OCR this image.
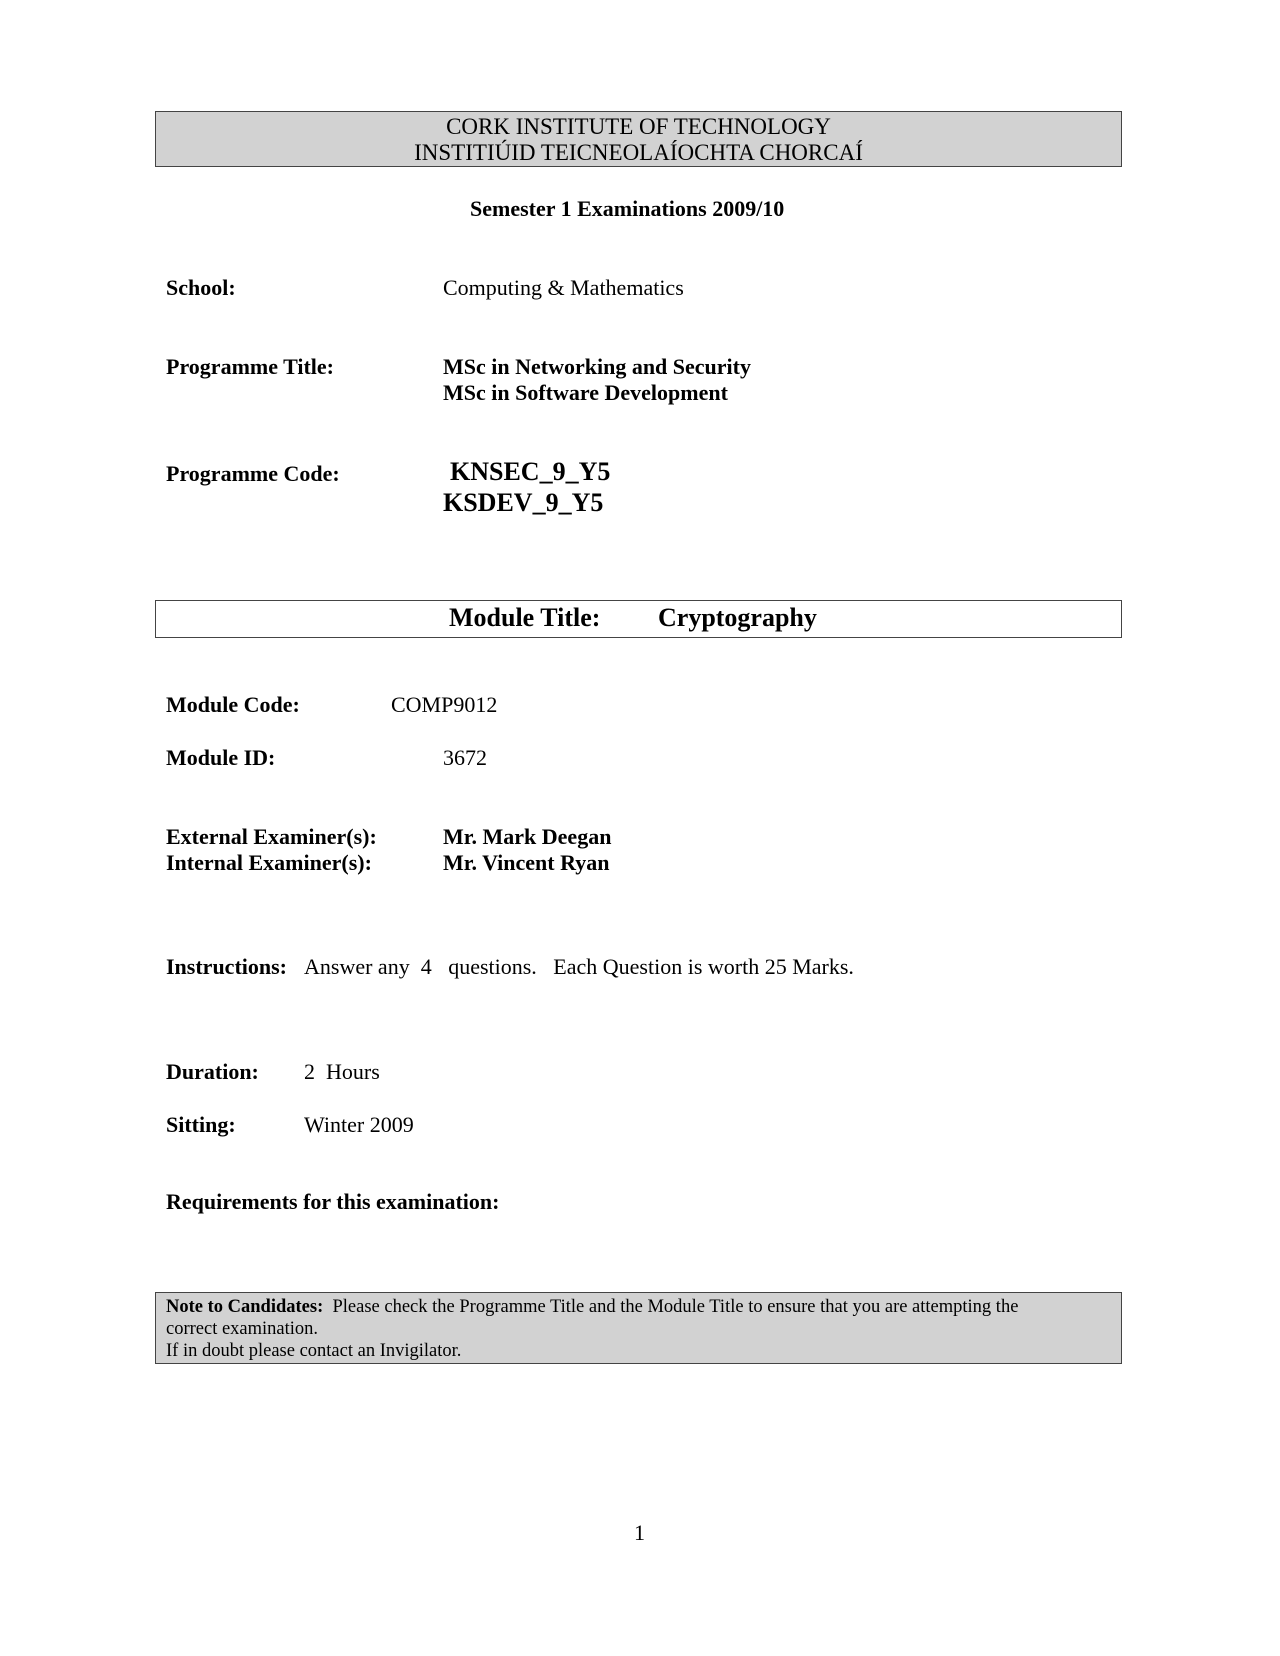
CORK INSTITUTE OF TECHNOLOGY
INSTITIÚID TEICNEOLAÍOCHTA CHORCAÍ
Semester 1 Examinations 2009/10
School:	Computing & Mathematics
Programme Title:	MSc in Networking and Security
MSc in Software Development
Programme Code:	KNSEC_9_Y5
KSDEV_9_Y5
Module Title: Cryptography
Module Code:	COMP9012
Module ID:	3672
External Examiner(s):	Mr. Mark Deegan
Internal Examiner(s):	Mr. Vincent Ryan
Instructions: Answer any  4   questions.   Each Question is worth 25 Marks.
Duration: 2  Hours
Sitting:	Winter 2009
Requirements for this examination:
Note to Candidates: Please check the Programme Title and the Module Title to ensure that you are attempting the
correct examination.
If in doubt please contact an Invigilator.
1
